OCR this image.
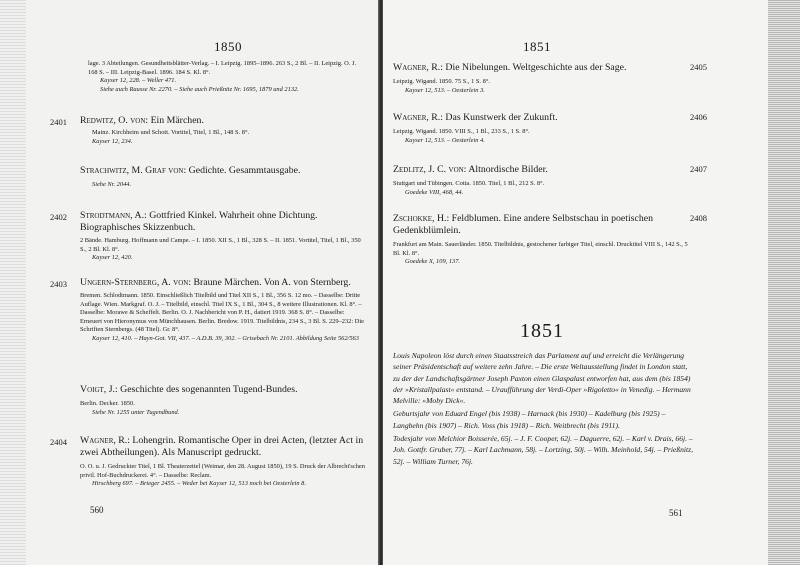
1850

lage. 3 Abteilungen. Gesundheitsblätter-Verlag. – I. Leipzig. 1895–1896. 263 S., 2 Bl. – II. Leipzig. O. J. 168 S. – III. Leipzig-Basel. 1896. 184 S. Kl. 8°.

Kayser 12, 228. – Weller 471.

Siehe auch Rausse Nr. 2270. – Siehe auch Prießnitz Nr. 1695, 1879 und 2132.

2401 Redwitz, O. von: Ein Märchen.

Mainz. Kirchheim und Schott. Vortitel, Titel, 1 Bl., 148 S. 8°.

Kayser 12, 234.

Strachwitz, M. Graf von: Gedichte. Gesammtausgabe.

Siehe Nr. 2044.

2402 Strodtmann, A.: Gottfried Kinkel. Wahrheit ohne Dichtung. Biographisches Skizzenbuch.

2 Bände. Hamburg. Hoffmann und Campe. – I. 1850. XII S., 1 Bl., 328 S. – II. 1851. Vortitel, Titel, 1 Bl., 350 S., 2 Bl. Kl. 8°.

Kayser 12, 420.

2403 Ungern-Sternberg, A. von: Braune Märchen. Von A. von Sternberg.

Bremen. Schlodtmann. 1850. Einschließlich Titelbild und Titel XII S., 1 Bl., 356 S. 12 mo. – Dasselbe: Dritte Auflage. Wien. Markgraf. O. J. – Titelbild, einschl. Titel IX S., 1 Bl., 304 S., 8 weitere Illustrationen. Kl. 8°. – Dasselbe: Morawe & Scheffelt. Berlin. O. J. Nachbericht von P. H., datiert 1919. 368 S. 8°. – Dasselbe: Erneuert von Hieronymus von Münchhausen. Berlin. Bredow. 1919. Titelbildnis, 234 S., 3 Bl. S. 229–232: Die Schriften Sternbergs. (48 Titel). Gr. 8°.

Kayser 12, 410. – Hayn-Got. VII, 437. – A.D.B. 39, 302. – Grisebach Nr. 2101. Abbildung Seite 562/563

Voigt, J.: Geschichte des sogenannten Tugend-Bundes.

Berlin. Decker. 1850.

Siehe Nr. 1255 unter Tugendbund.

2404 Wagner, R.: Lohengrin. Romantische Oper in drei Acten, (letzter Act in zwei Abtheilungen). Als Manuscript gedruckt.

O. O. u. J. Gedruckter Titel, 1 Bl. Theaterzettel (Weimar, den 28. August 1850), 19 S. Druck der Albrecht'schen privil. Hof-Buchdruckerei. 4°. – Dasselbe: Reclam.

Hirschberg 697. – Brieger 2455. – Weder bei Kayser 12, 513 noch bei Oesterlein 8.

560
1851
2405

Wagner, R.: Die Nibelungen. Weltgeschichte aus der Sage.

Leipzig. Wigand. 1850. 75 S., 1 S. 8°.

Kayser 12, 513. – Oesterlein 3.

2406

Wagner, R.: Das Kunstwerk der Zukunft.

Leipzig. Wigand. 1850. VIII S., 1 Bl., 233 S., 1 S. 8°.

Kayser 12, 513. – Oesterlein 4.

2407

Zedlitz, J. C. von: Altnordische Bilder.

Stuttgart und Tübingen. Cotta. 1850. Titel, 1 Bl., 212 S. 8°.

Goedeke VIII, 468, 44.

2408

Zschokke, H.: Feldblumen. Eine andere Selbstschau in poetischen Gedenkblümlein.

Frankfurt am Main. Sauerländer. 1850. Titelbildnis, gestochener farbiger Titel, einschl. Drucktitel VIII S., 142 S., 5 Bl. Kl. 8°.

Goedeke X, 109, 137.

1851

Louis Napoleon löst durch einen Staatsstreich das Parlament auf und erreicht die Verlängerung seiner Präsidentschaft auf weitere zehn Jahre. – Die erste Weltausstellung findet in London statt, zu der der Landschaftsgärtner Joseph Paxton einen Glaspalast entworfen hat, aus dem (bis 1854) der »Kristallpalast« entstand. – Uraufführung der Verdi-Oper »Rigoletto« in Venedig. – Hermann Melville: »Moby Dick«.

Geburtsjahr von Eduard Engel (bis 1938) – Harnack (bis 1930) – Kadelburg (bis 1925) – Langbehn (bis 1907) – Rich. Voss (bis 1918) – Rich. Weitbrecht (bis 1911).

Todesjahr von Melchior Boisserée, 65j. – J. F. Cooper, 62j. – Daguerre, 62j. – Karl v. Drais, 66j. – Joh. Gottfr. Gruber, 77j. – Karl Lachmann, 58j. – Lortzing, 50j. – Wilh. Meinhold, 54j. – Prießnitz, 52j. – William Turner, 76j.

561
